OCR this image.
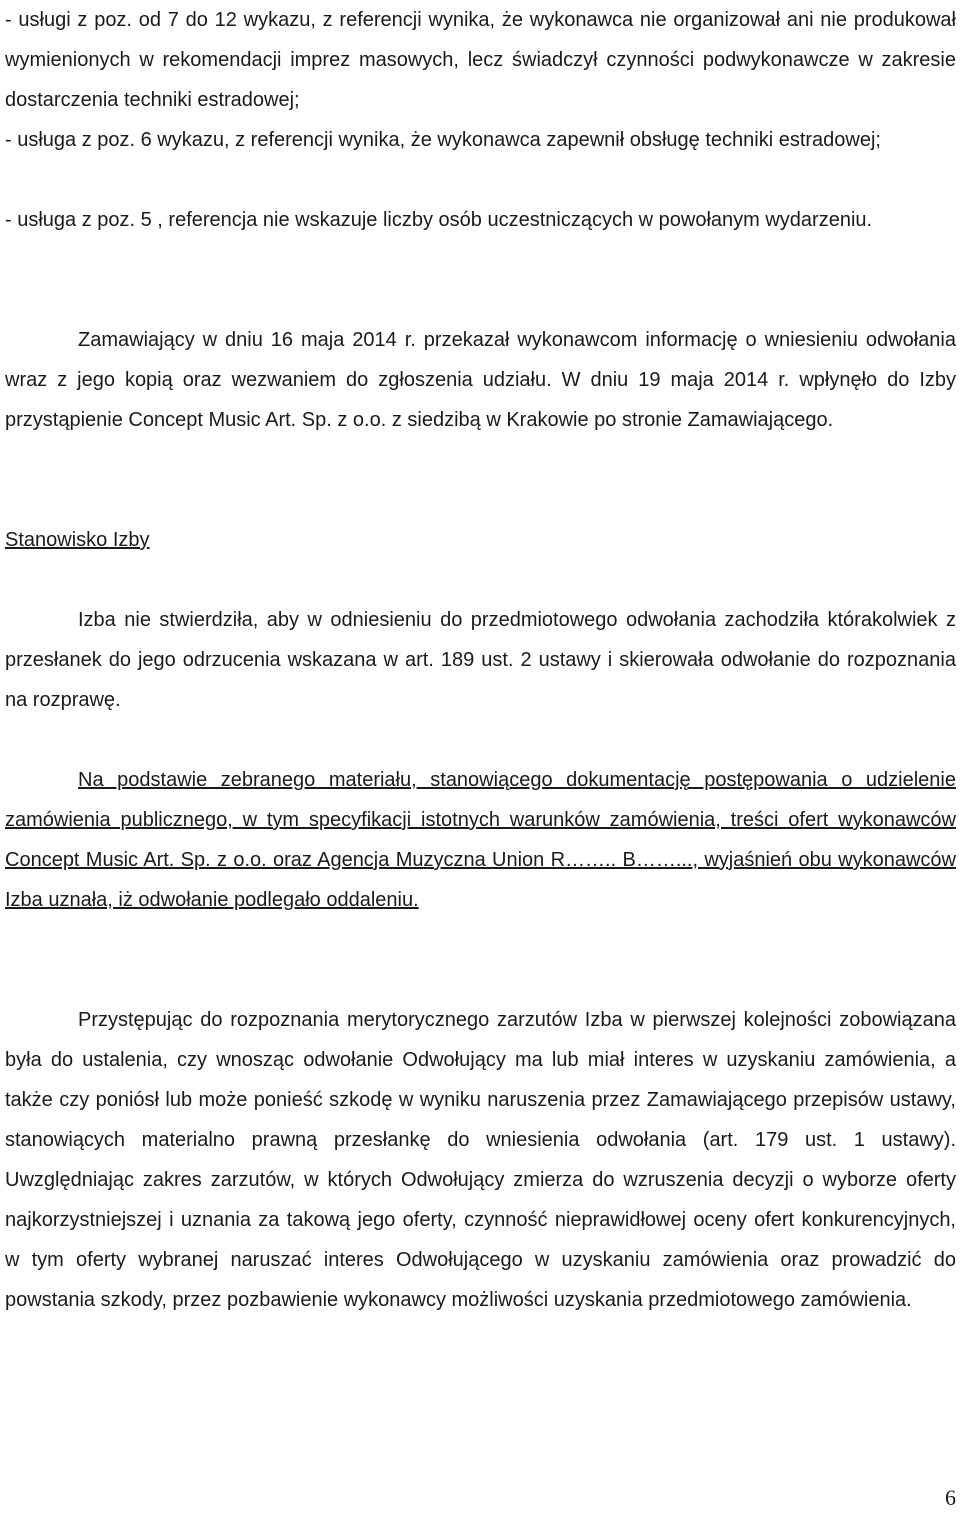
- usługi z poz. od 7 do 12 wykazu, z referencji wynika, że wykonawca nie organizował ani nie produkował wymienionych w rekomendacji imprez masowych, lecz świadczył czynności podwykonawcze w zakresie dostarczenia techniki estradowej;

- usługa z poz. 6 wykazu, z referencji wynika, że wykonawca zapewnił obsługę techniki estradowej;

- usługa z poz. 5 , referencja nie wskazuje liczby osób uczestniczących w powołanym wydarzeniu.

Zamawiający w dniu 16 maja 2014 r. przekazał wykonawcom informację o wniesieniu odwołania wraz z jego kopią oraz wezwaniem do zgłoszenia udziału. W dniu 19 maja 2014 r. wpłynęło do Izby przystąpienie Concept Music Art. Sp. z o.o. z siedzibą w Krakowie po stronie Zamawiającego.

Stanowisko Izby

Izba nie stwierdziła, aby w odniesieniu do przedmiotowego odwołania zachodziła którakolwiek z przesłanek do jego odrzucenia wskazana w art. 189 ust. 2 ustawy i skierowała odwołanie do rozpoznania na rozprawę.

Na podstawie zebranego materiału, stanowiącego dokumentację postępowania o udzielenie zamówienia publicznego, w tym specyfikacji istotnych warunków zamówienia, treści ofert wykonawców Concept Music Art. Sp. z o.o. oraz Agencja Muzyczna Union R…….. B……..., wyjaśnień obu wykonawców Izba uznała, iż odwołanie podlegało oddaleniu.

Przystępując do rozpoznania merytorycznego zarzutów Izba w pierwszej kolejności zobowiązana była do ustalenia, czy wnosząc odwołanie Odwołujący ma lub miał interes w uzyskaniu zamówienia, a także czy poniósł lub może ponieść szkodę w wyniku naruszenia przez Zamawiającego przepisów ustawy, stanowiących materialno prawną przesłankę do wniesienia odwołania (art. 179 ust. 1 ustawy). Uwzględniając zakres zarzutów, w których Odwołujący zmierza do wzruszenia decyzji o wyborze oferty najkorzystniejszej i uznania za takową jego oferty, czynność nieprawidłowej oceny ofert konkurencyjnych, w tym oferty wybranej naruszać interes Odwołującego w uzyskaniu zamówienia oraz prowadzić do powstania szkody, przez pozbawienie wykonawcy możliwości uzyskania przedmiotowego zamówienia.

6
